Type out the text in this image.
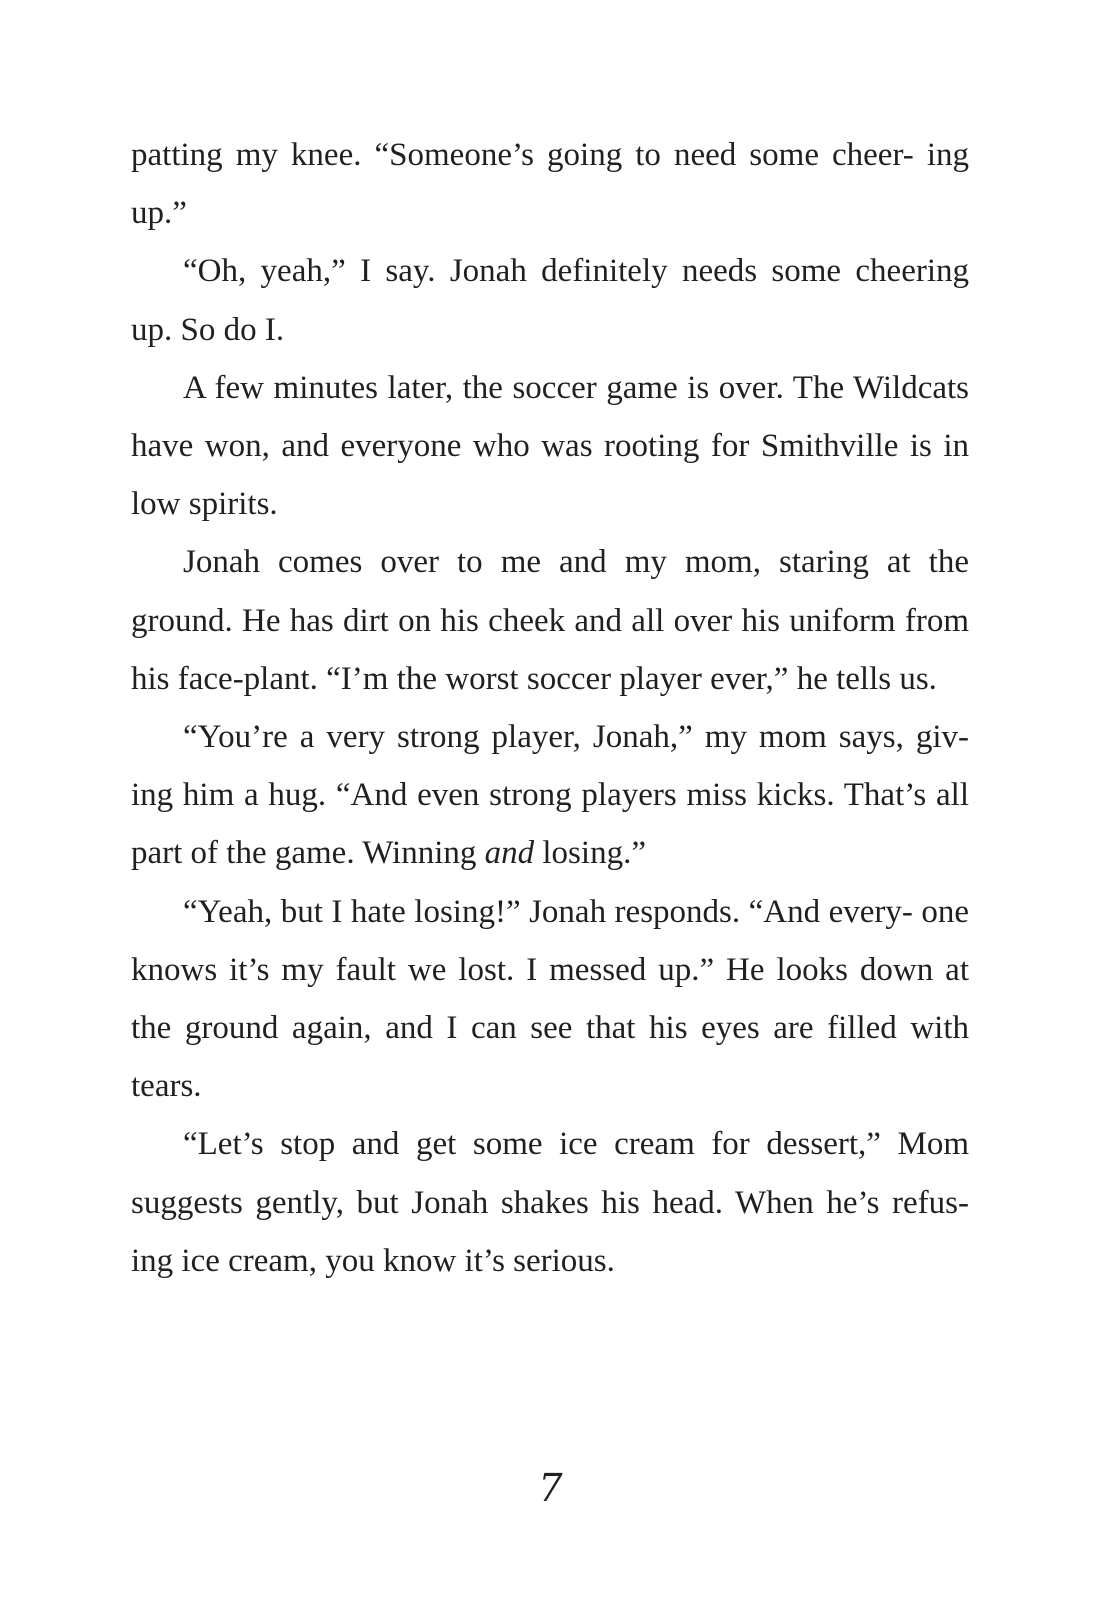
patting my knee. “Someone’s going to need some cheer- ing up.”

“Oh, yeah,” I say. Jonah definitely needs some cheering up. So do I.

A few minutes later, the soccer game is over. The Wildcats have won, and everyone who was rooting for Smithville is in low spirits.

Jonah comes over to me and my mom, staring at the ground. He has dirt on his cheek and all over his uniform from his face-plant. “I’m the worst soccer player ever,” he tells us.

“You’re a very strong player, Jonah,” my mom says, giv- ing him a hug. “And even strong players miss kicks. That’s all part of the game. Winning and losing.”

“Yeah, but I hate losing!” Jonah responds. “And every- one knows it’s my fault we lost. I messed up.” He looks down at the ground again, and I can see that his eyes are filled with tears.

“Let’s stop and get some ice cream for dessert,” Mom suggests gently, but Jonah shakes his head. When he’s refus- ing ice cream, you know it’s serious.

7
